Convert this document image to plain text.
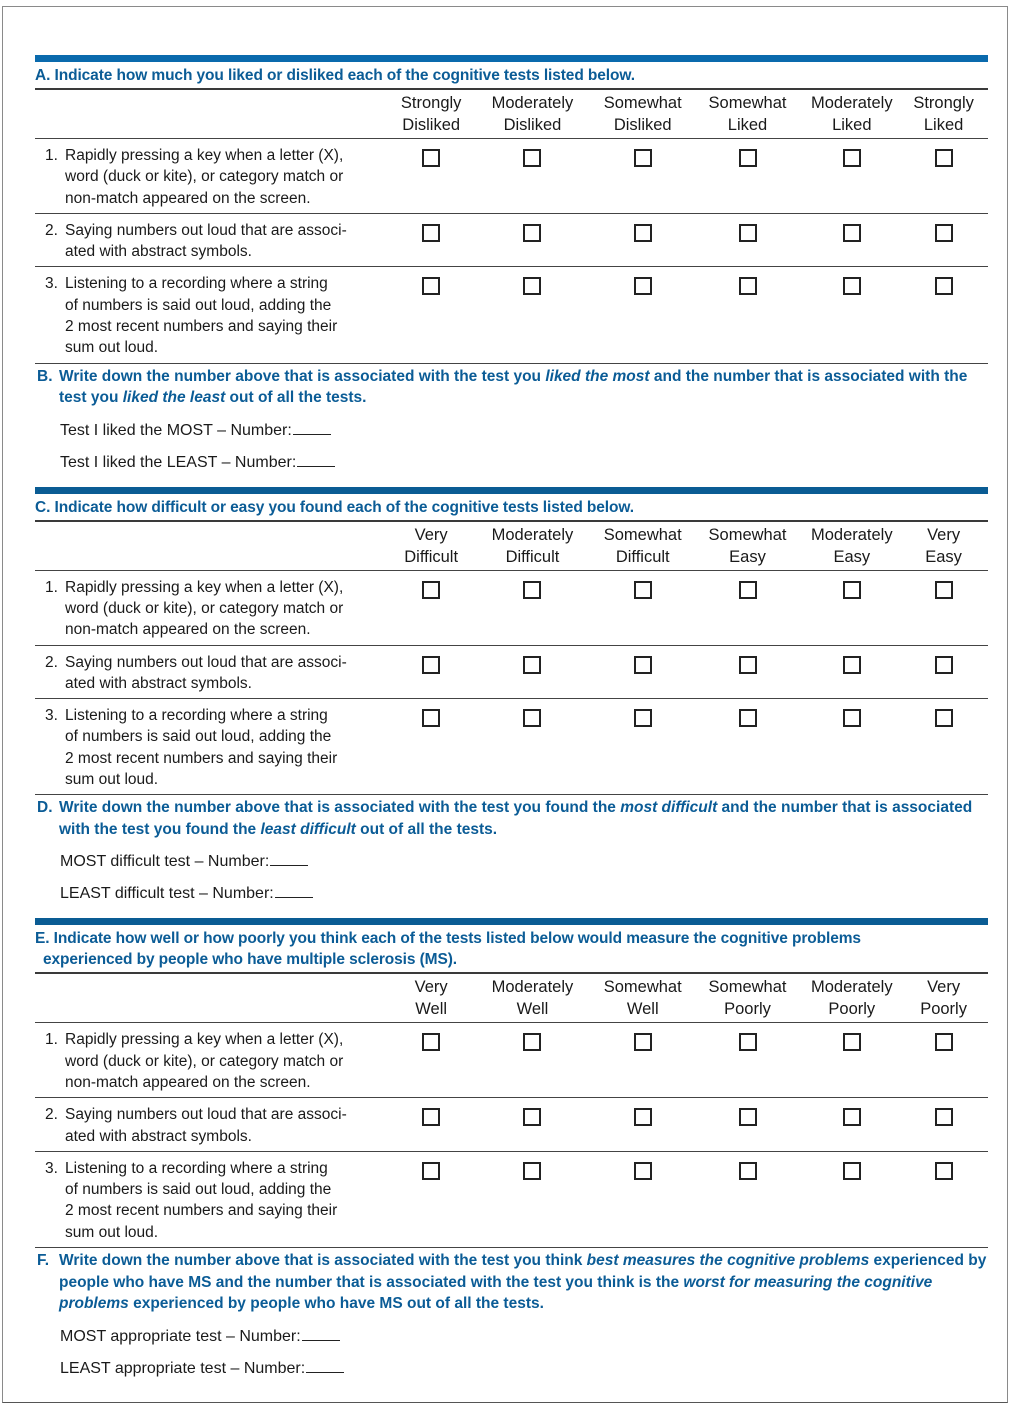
A. Indicate how much you liked or disliked each of the cognitive tests listed below.
Strongly
Disliked
Moderately
Disliked
Somewhat
Disliked
Somewhat
Liked
Moderately
Liked
Strongly
Liked
1. Rapidly pressing a key when a letter (X),
word (duck or kite), or category match or
non-match appeared on the screen.
2. Saying numbers out loud that are associ-
ated with abstract symbols.
3. Listening to a recording where a string
of numbers is said out loud, adding the
2 most recent numbers and saying their
sum out loud.
B. Write down the number above that is associated with the test you liked the most and the number that is associated with the test you liked the least out of all the tests.
Test I liked the MOST – Number:
Test I liked the LEAST – Number:
C. Indicate how difficult or easy you found each of the cognitive tests listed below.
Very
Difficult
Moderately
Difficult
Somewhat
Difficult
Somewhat
Easy
Moderately
Easy
Very
Easy
1. Rapidly pressing a key when a letter (X),
word (duck or kite), or category match or
non-match appeared on the screen.
2. Saying numbers out loud that are associ-
ated with abstract symbols.
3. Listening to a recording where a string
of numbers is said out loud, adding the
2 most recent numbers and saying their
sum out loud.
D. Write down the number above that is associated with the test you found the most difficult and the number that is associated with the test you found the least difficult out of all the tests.
MOST difficult test – Number:
LEAST difficult test – Number:
E. Indicate how well or how poorly you think each of the tests listed below would measure the cognitive problems
experienced by people who have multiple sclerosis (MS).
Very
Well
Moderately
Well
Somewhat
Well
Somewhat
Poorly
Moderately
Poorly
Very
Poorly
1. Rapidly pressing a key when a letter (X),
word (duck or kite), or category match or
non-match appeared on the screen.
2. Saying numbers out loud that are associ-
ated with abstract symbols.
3. Listening to a recording where a string
of numbers is said out loud, adding the
2 most recent numbers and saying their
sum out loud.
F. Write down the number above that is associated with the test you think best measures the cognitive problems experienced by people who have MS and the number that is associated with the test you think is the worst for measuring the cognitive problems experienced by people who have MS out of all the tests.
MOST appropriate test – Number:
LEAST appropriate test – Number:
